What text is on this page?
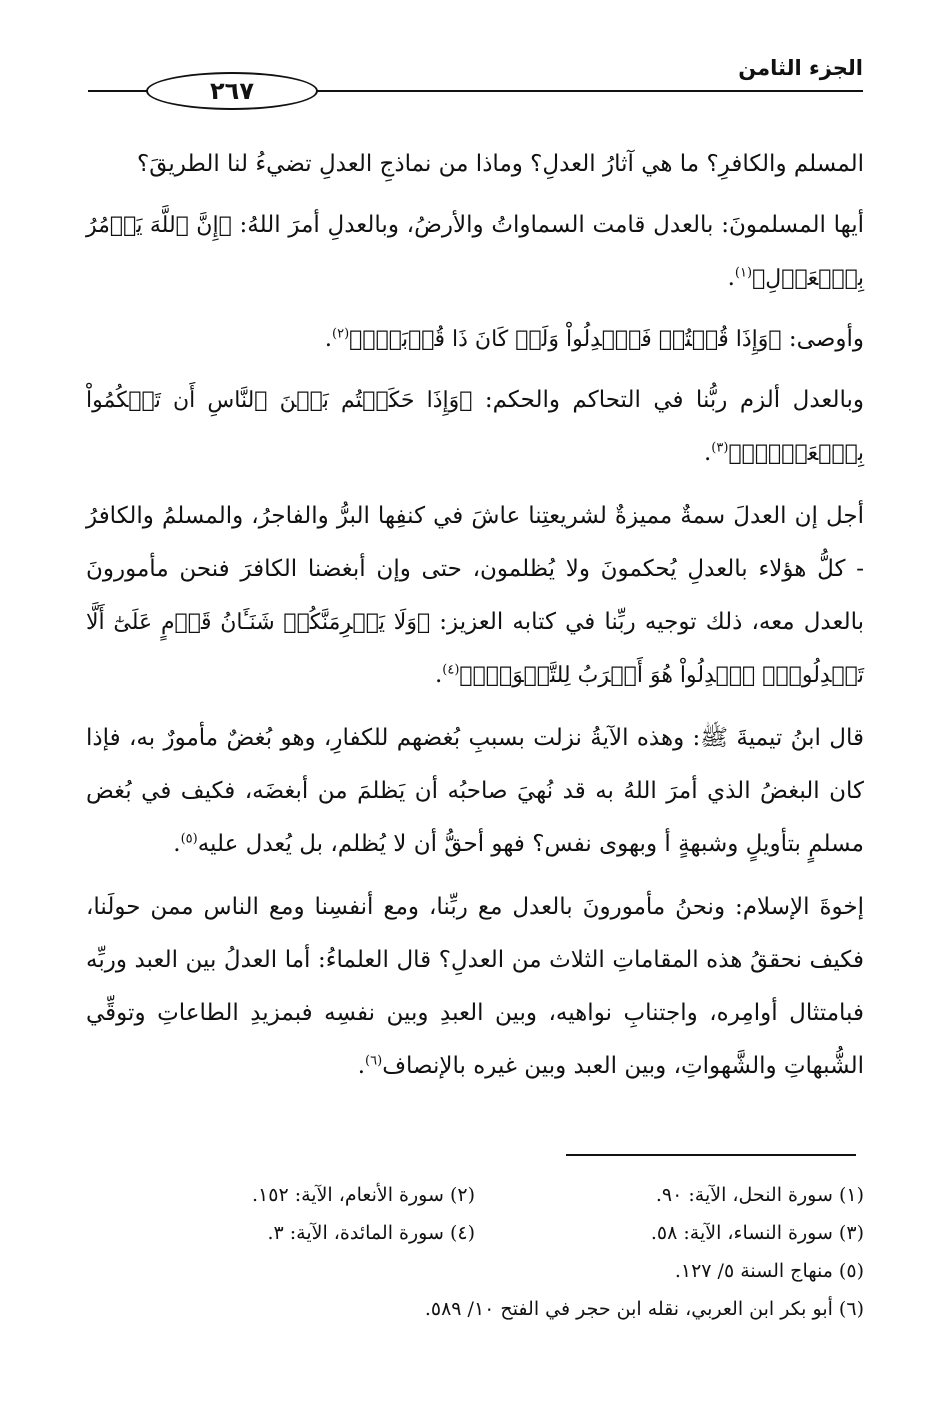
الجزء الثامن
٢٦٧

المسلم والكافرِ؟ ما هي آثارُ العدلِ؟ وماذا من نماذجِ العدلِ تضيءُ لنا الطريقَ؟

أيها المسلمونَ: بالعدل قامت السماواتُ والأرضُ، وبالعدلِ أمرَ اللهُ: ﴿إِنَّ ٱللَّهَ يَأۡمُرُ بِٱلۡعَدۡلِ﴾$^{(١)}$.

وأوصى: ﴿وَإِذَا قُلۡتُمۡ فَٱعۡدِلُواْ وَلَوۡ كَانَ ذَا قُرۡبَىٰۖ﴾$^{(٢)}$.

وبالعدل ألزم ربُّنا في التحاكم والحكم: ﴿وَإِذَا حَكَمۡتُم بَيۡنَ ٱلنَّاسِ أَن تَحۡكُمُواْ بِٱلۡعَدۡلِۚ﴾$^{(٣)}$.

أجل إن العدلَ سمةٌ مميزةٌ لشريعتِنا عاشَ في كنفِها البرُّ والفاجرُ، والمسلمُ والكافرُ - كلُّ هؤلاء بالعدلِ يُحكمونَ ولا يُظلمون، حتى وإن أبغضنا الكافرَ فنحن مأمورونَ بالعدل معه، ذلك توجيه ربِّنا في كتابه العزيز: ﴿وَلَا يَجۡرِمَنَّكُمۡ شَنَـَٔانُ قَوۡمٍ عَلَىٰٓ أَلَّا تَعۡدِلُواْۚ ٱعۡدِلُواْ هُوَ أَقۡرَبُ لِلتَّقۡوَىٰۖ﴾$^{(٤)}$.

قال ابنُ تيميةَ ﷺ: وهذه الآيةُ نزلت بسببِ بُغضهم للكفارِ، وهو بُغضٌ مأمورٌ به، فإذا كان البغضُ الذي أمرَ اللهُ به قد نُهيَ صاحبُه أن يَظلمَ من أبغضَه، فكيف في بُغض مسلمٍ بتأويلٍ وشبهةٍ أ وبهوى نفس؟ فهو أحقُّ أن لا يُظلم، بل يُعدل عليه$^{(٥)}$.

إخوةَ الإسلام: ونحنُ مأمورونَ بالعدل مع ربِّنا، ومع أنفسِنا ومع الناس ممن حولَنا، فكيف نحققُ هذه المقاماتِ الثلاث من العدلِ؟ قال العلماءُ: أما العدلُ بين العبد وربِّه فبامتثال أوامِره، واجتنابِ نواهيه، وبين العبدِ وبين نفسِه فبمزيدِ الطاعاتِ وتوقِّي الشُّبهاتِ والشَّهواتِ، وبين العبد وبين غيره بالإنصاف$^{(٦)}$.

(١) سورة النحل، الآية: ٩٠.
(٢) سورة الأنعام، الآية: ١٥٢.
(٣) سورة النساء، الآية: ٥٨.
(٤) سورة المائدة، الآية: ٣.
(٥) منهاج السنة ٥/ ١٢٧.
(٦) أبو بكر ابن العربي، نقله ابن حجر في الفتح ١٠/ ٥٨٩.
